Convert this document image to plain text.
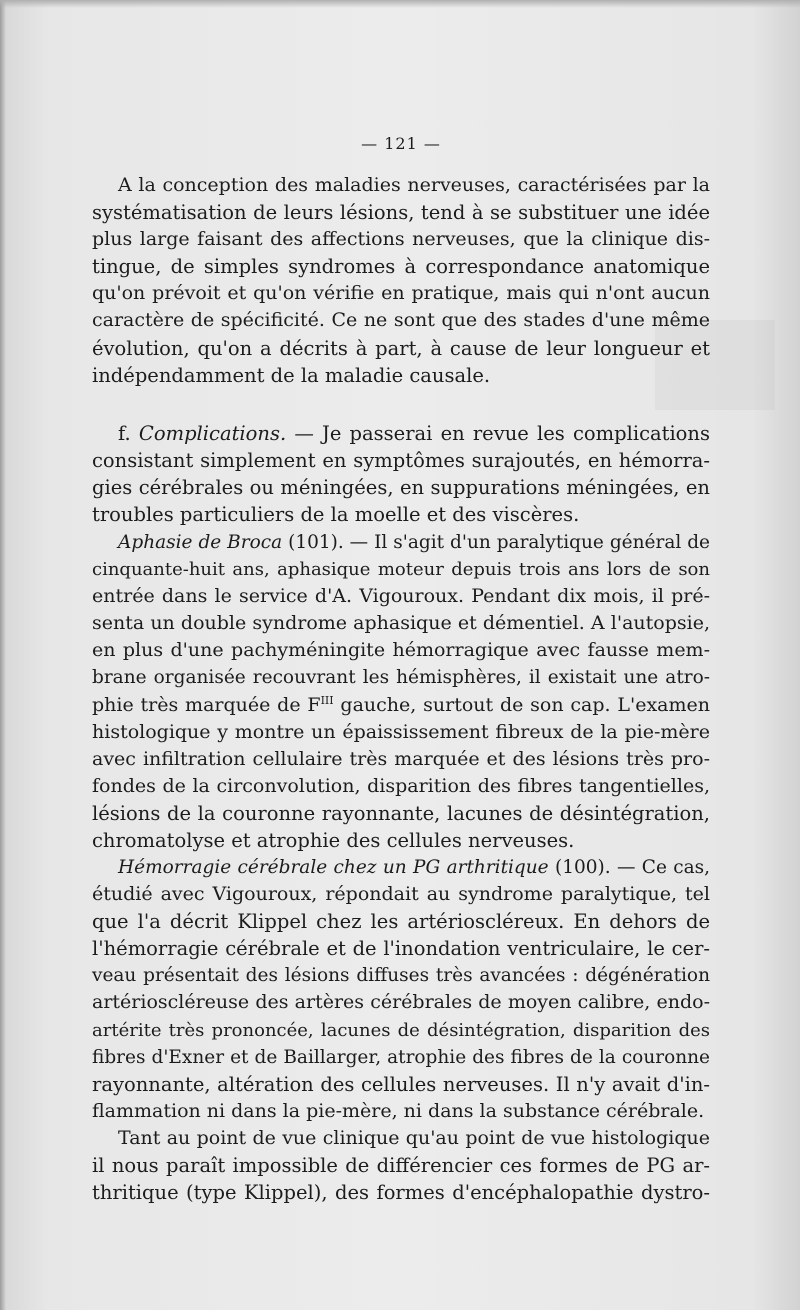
— 121 —
A la conception des maladies nerveuses, caractérisées par la
systématisation de leurs lésions, tend à se substituer une idée
plus large faisant des affections nerveuses, que la clinique dis-
tingue, de simples syndromes à correspondance anatomique
qu'on prévoit et qu'on vérifie en pratique, mais qui n'ont aucun
caractère de spécificité. Ce ne sont que des stades d'une même
évolution, qu'on a décrits à part, à cause de leur longueur et
indépendamment de la maladie causale.
f. Complications. — Je passerai en revue les complications
consistant simplement en symptômes surajoutés, en hémorra-
gies cérébrales ou méningées, en suppurations méningées, en
troubles particuliers de la moelle et des viscères.
Aphasie de Broca (101). — Il s'agit d'un paralytique général de
cinquante-huit ans, aphasique moteur depuis trois ans lors de son
entrée dans le service d'A. Vigouroux. Pendant dix mois, il pré-
senta un double syndrome aphasique et démentiel. A l'autopsie,
en plus d'une pachyméningite hémorragique avec fausse mem-
brane organisée recouvrant les hémisphères, il existait une atro-
phie très marquée de $F^{III}$ gauche, surtout de son cap. L'examen
histologique y montre un épaississement fibreux de la pie-mère
avec infiltration cellulaire très marquée et des lésions très pro-
fondes de la circonvolution, disparition des fibres tangentielles,
lésions de la couronne rayonnante, lacunes de désintégration,
chromatolyse et atrophie des cellules nerveuses.
Hémorragie cérébrale chez un PG arthritique (100). — Ce cas,
étudié avec Vigouroux, répondait au syndrome paralytique, tel
que l'a décrit Klippel chez les artérioscléreux. En dehors de
l'hémorragie cérébrale et de l'inondation ventriculaire, le cer-
veau présentait des lésions diffuses très avancées : dégénération
artérioscléreuse des artères cérébrales de moyen calibre, endo-
artérite très prononcée, lacunes de désintégration, disparition des
fibres d'Exner et de Baillarger, atrophie des fibres de la couronne
rayonnante, altération des cellules nerveuses. Il n'y avait d'in-
flammation ni dans la pie-mère, ni dans la substance cérébrale.
Tant au point de vue clinique qu'au point de vue histologique
il nous paraît impossible de différencier ces formes de PG ar-
thritique (type Klippel), des formes d'encéphalopathie dystro-
